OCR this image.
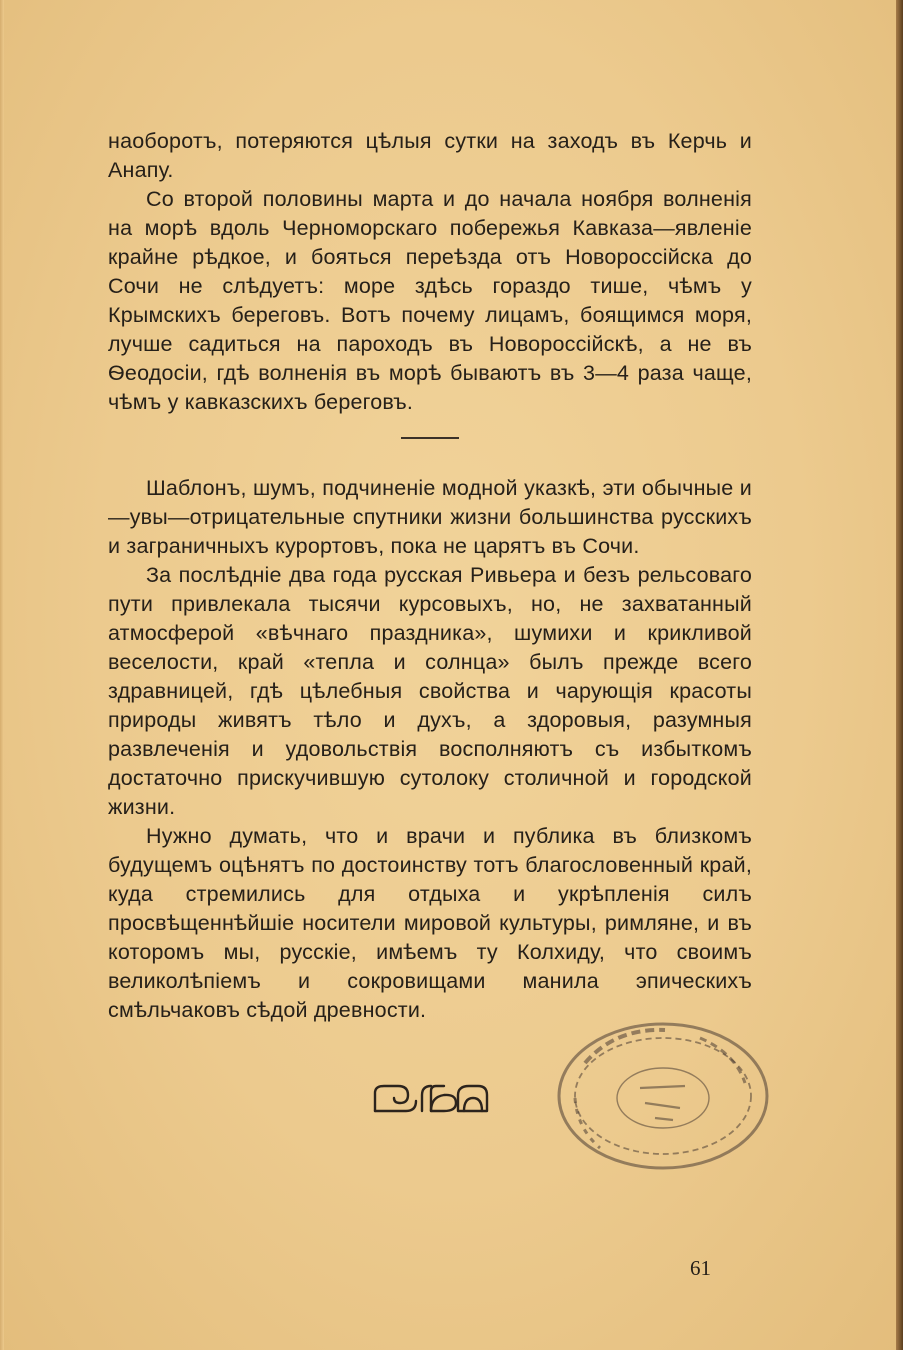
наоборотъ, потеряются цѣлыя сутки на заходъ въ Керчь и Анапу.

Со второй половины марта и до начала ноября волненія на морѣ вдоль Черноморскаго побережья Кавказа—явленіе крайне рѣдкое, и бояться переѣзда отъ Новороссійска до Сочи не слѣдуетъ: море здѣсь гораздо тише, чѣмъ у Крымскихъ береговъ. Вотъ почему лицамъ, боящимся моря, лучше садиться на пароходъ въ Новороссійскѣ, а не въ Ѳеодосіи, гдѣ волненія въ морѣ бываютъ въ 3—4 раза чаще, чѣмъ у кавказскихъ береговъ.

Шаблонъ, шумъ, подчиненіе модной указкѣ, эти обычные и—увы—отрицательные спутники жизни большинства русскихъ и заграничныхъ курортовъ, пока не царятъ въ Сочи.

За послѣдніе два года русская Ривьера и безъ рельсоваго пути привлекала тысячи курсовыхъ, но, не захватанный атмосферой «вѣчнаго праздника», шумихи и крикливой веселости, край «тепла и солнца» былъ прежде всего здравницей, гдѣ цѣлебныя свойства и чарующія красоты природы живятъ тѣло и духъ, а здоровыя, разумныя развлеченія и удовольствія восполняютъ съ избыткомъ достаточно прискучившую сутолоку столичной и городской жизни.

Нужно думать, что и врачи и публика въ близкомъ будущемъ оцѣнятъ по достоинству тотъ благословенный край, куда стремились для отдыха и укрѣпленія силъ просвѣщеннѣйшіе носители мировой культуры, римляне, и въ которомъ мы, русскіе, имѣемъ ту Колхиду, что своимъ великолѣпіемъ и сокровищами манила эпическихъ смѣльчаковъ сѣдой древности.

61
